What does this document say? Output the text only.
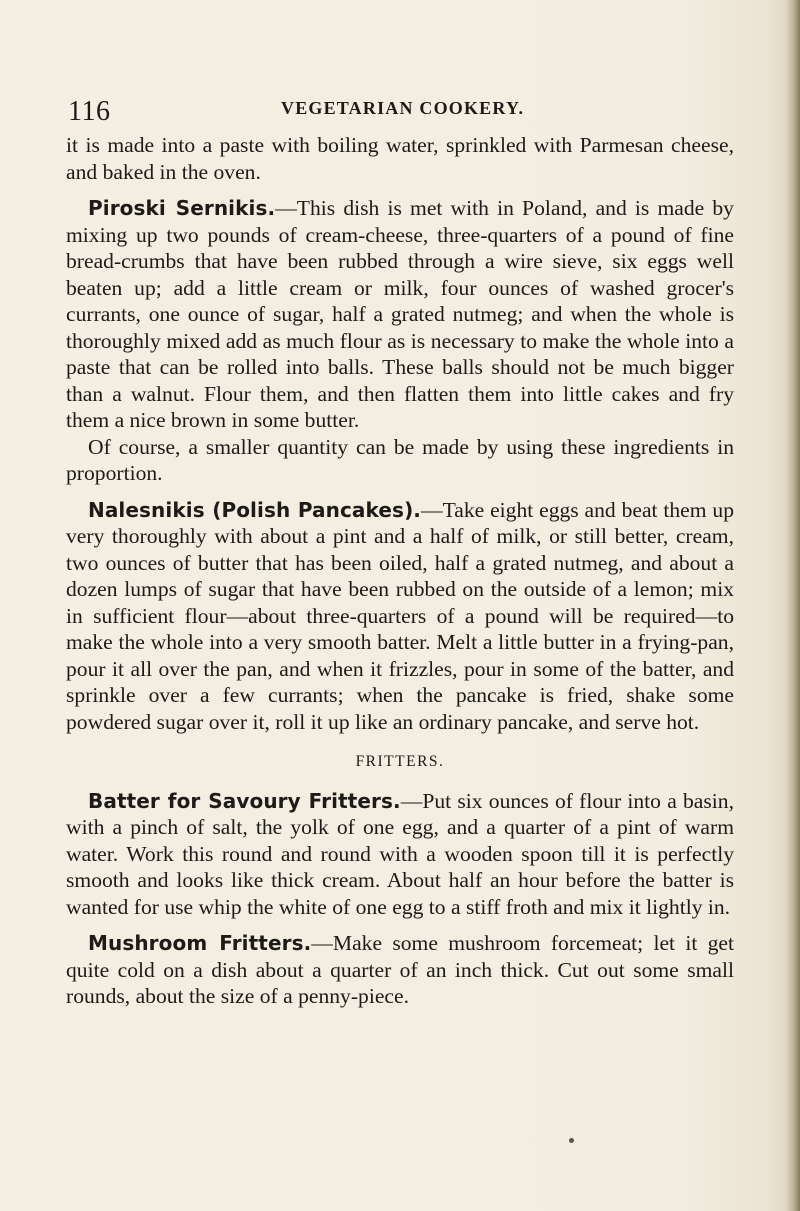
116	VEGETARIAN COOKERY.

it is made into a paste with boiling water, sprinkled with Parmesan cheese, and baked in the oven.

Piroski Sernikis.—This dish is met with in Poland, and is made by mixing up two pounds of cream-cheese, three-quarters of a pound of fine bread-crumbs that have been rubbed through a wire sieve, six eggs well beaten up; add a little cream or milk, four ounces of washed grocer's currants, one ounce of sugar, half a grated nutmeg; and when the whole is thoroughly mixed add as much flour as is necessary to make the whole into a paste that can be rolled into balls. These balls should not be much bigger than a walnut. Flour them, and then flatten them into little cakes and fry them a nice brown in some butter.

Of course, a smaller quantity can be made by using these ingredients in proportion.

Nalesnikis (Polish Pancakes).—Take eight eggs and beat them up very thoroughly with about a pint and a half of milk, or still better, cream, two ounces of butter that has been oiled, half a grated nutmeg, and about a dozen lumps of sugar that have been rubbed on the outside of a lemon; mix in sufficient flour—about three-quarters of a pound will be required—to make the whole into a very smooth batter. Melt a little butter in a frying-pan, pour it all over the pan, and when it frizzles, pour in some of the batter, and sprinkle over a few currants; when the pancake is fried, shake some powdered sugar over it, roll it up like an ordinary pancake, and serve hot.

FRITTERS.

Batter for Savoury Fritters.—Put six ounces of flour into a basin, with a pinch of salt, the yolk of one egg, and a quarter of a pint of warm water. Work this round and round with a wooden spoon till it is perfectly smooth and looks like thick cream. About half an hour before the batter is wanted for use whip the white of one egg to a stiff froth and mix it lightly in.

Mushroom Fritters.—Make some mushroom forcemeat; let it get quite cold on a dish about a quarter of an inch thick. Cut out some small rounds, about the size of a penny-piece.
